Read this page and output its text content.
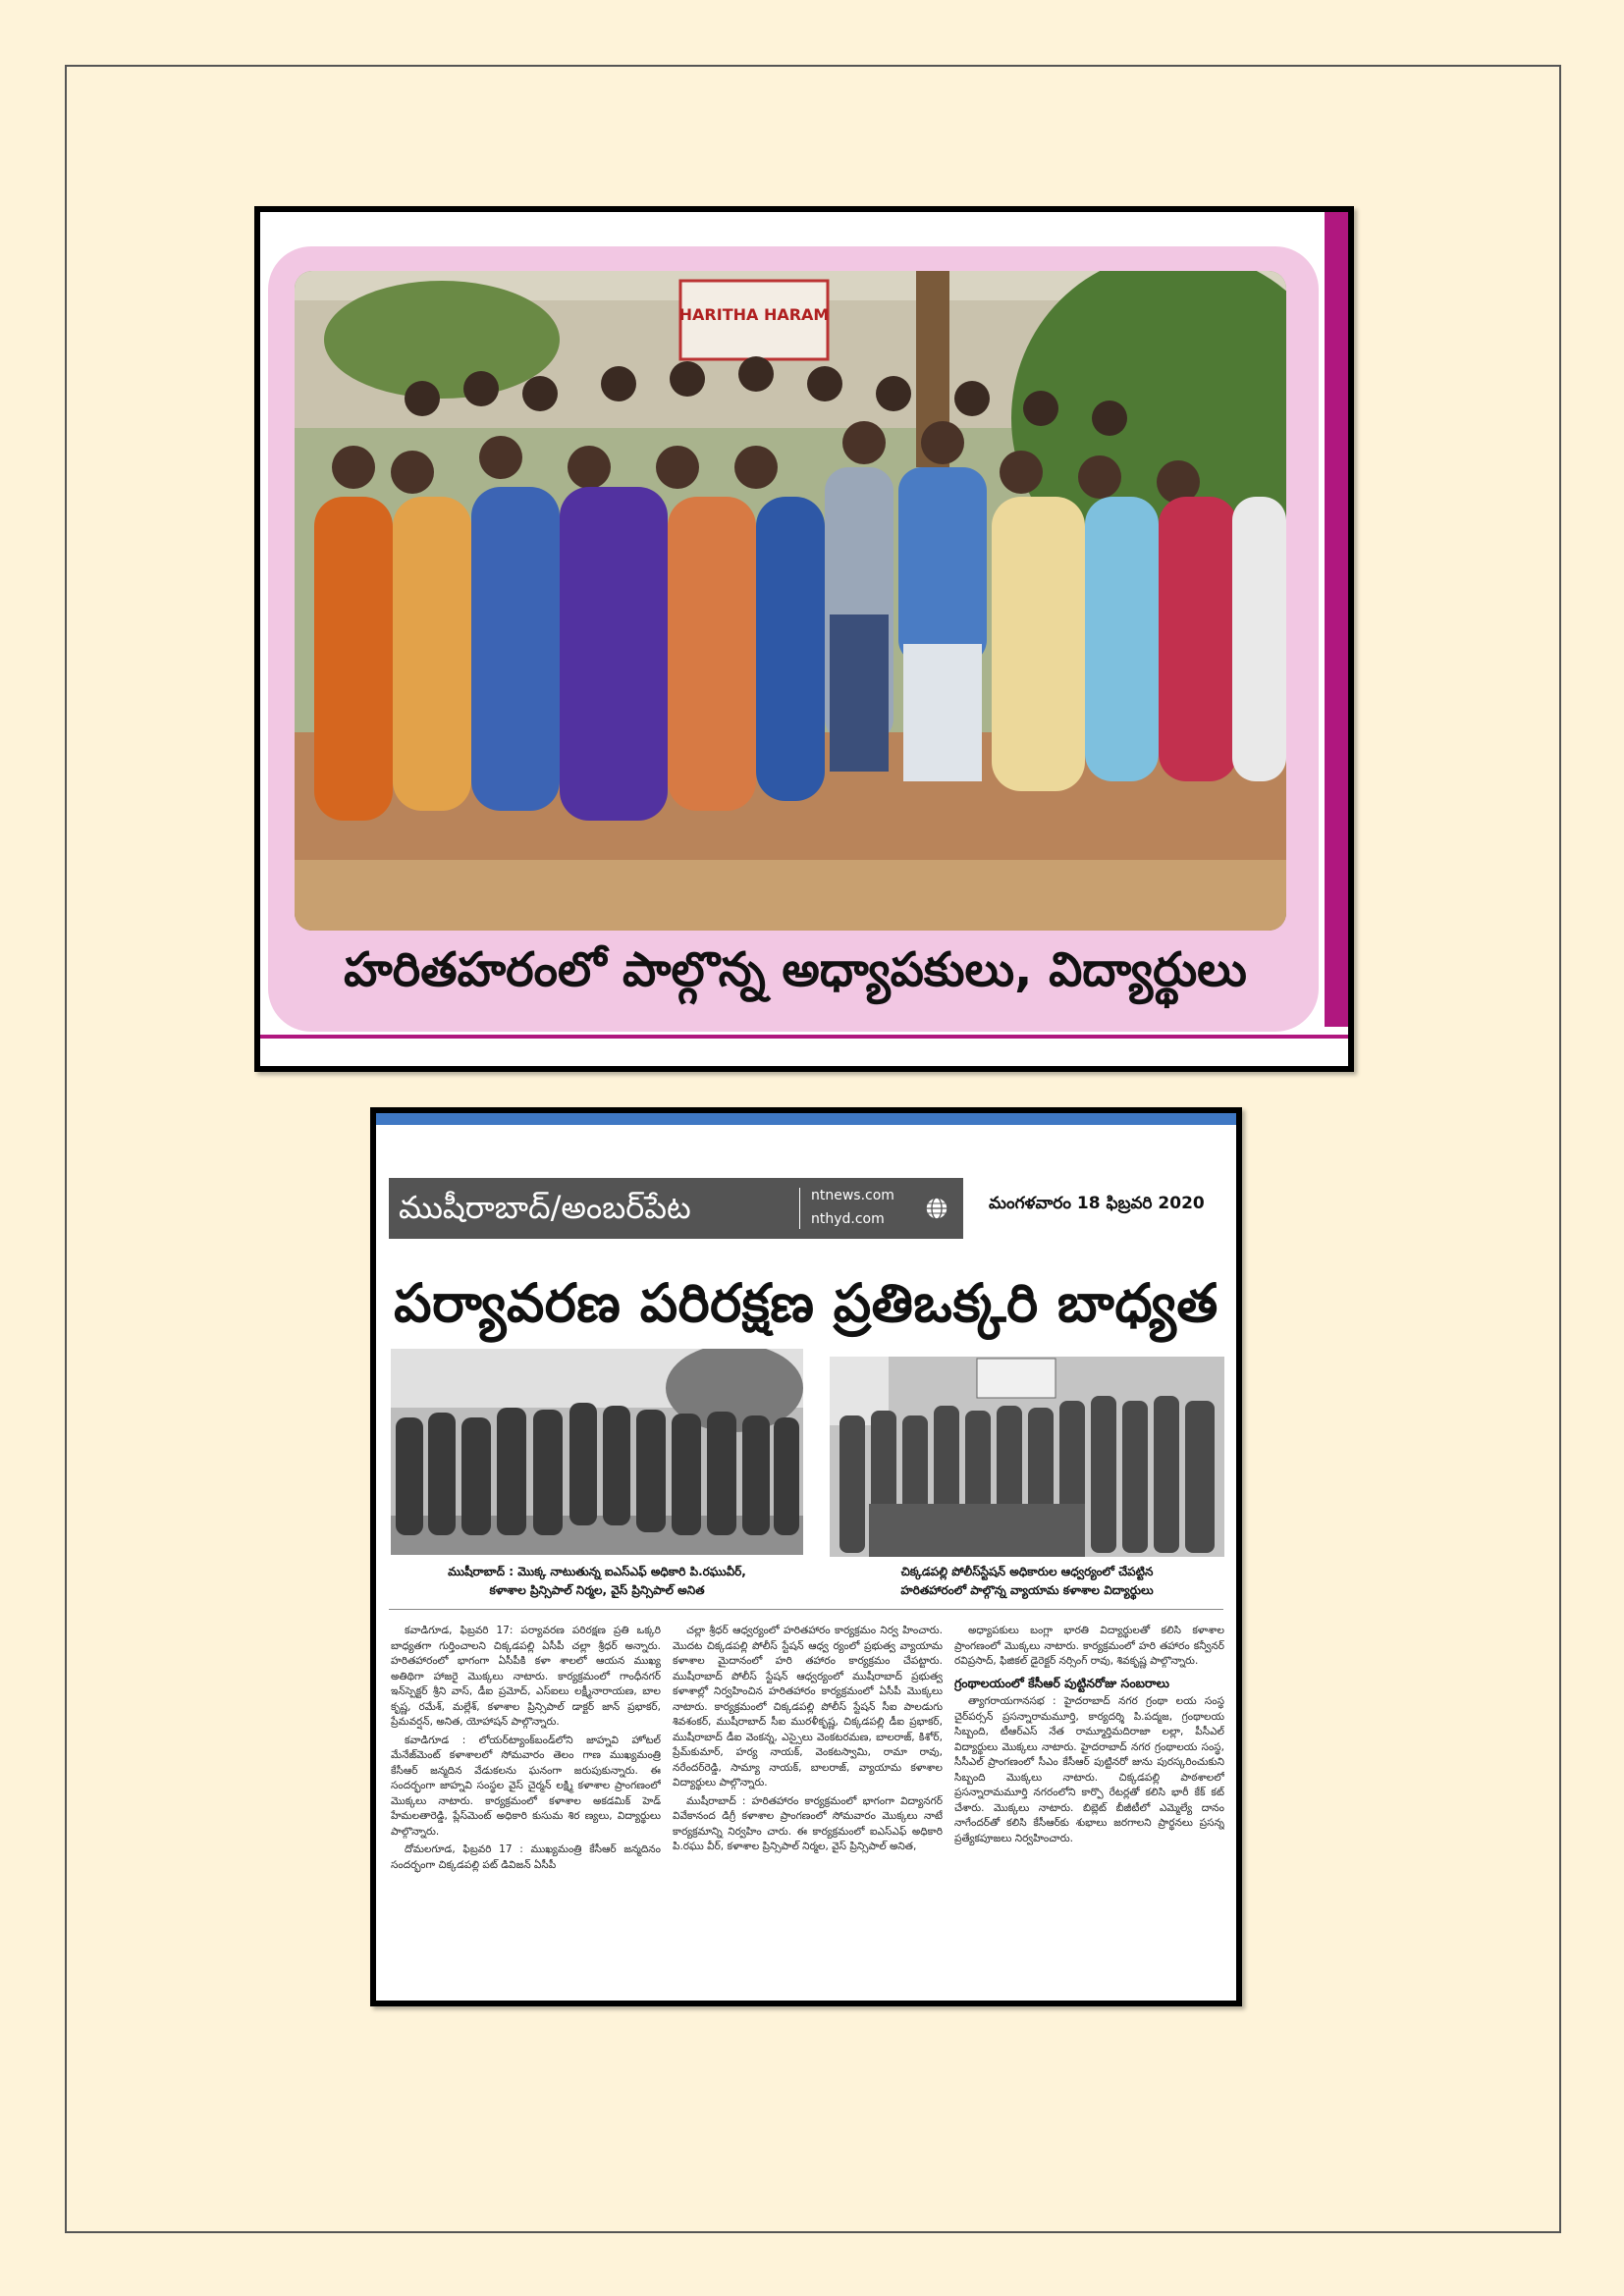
HARITHA HARAM
హరితహరంలో పాల్గొన్న అధ్యాపకులు, విద్యార్థులు
ముషీరాబాద్/అంబర్‌పేట	ntnews.com
nthyd.com
మంగళవారం 18 ఫిబ్రవరి 2020
పర్యావరణ పరిరక్షణ ప్రతిఒక్కరి బాధ్యత
ముషీరాబాద్ : మొక్క నాటుతున్న ఐఎస్ఎఫ్ అధికారి పి.రఘువీర్,
కళాశాల ప్రిన్సిపాల్ నిర్మల, వైస్ ప్రిన్సిపాల్ అనిత
చిక్కడపల్లి పోలీస్‌స్టేషన్ అధికారుల ఆధ్వర్యంలో చేపట్టిన
హరితహారంలో పాల్గొన్న వ్యాయామ కళాశాల విద్యార్థులు

కవాడిగూడ, ఫిబ్రవరి 17: పర్యావరణ పరిరక్షణ ప్రతి ఒక్కరి బాధ్యతగా గుర్తించాలని చిక్కడపల్లి ఏసీపీ చల్లా శ్రీధర్ అన్నారు. హరితహారంలో భాగంగా ఏసీపీకి కళా శాలలో ఆయన ముఖ్య అతిథిగా హాజరై మొక్కలు నాటారు. కార్యక్రమంలో గాంధీనగర్ ఇన్‌స్పెక్టర్ శ్రీని వాస్, డీఐ ప్రమోద్, ఎస్‌ఐలు లక్ష్మీనారాయణ, బాల కృష్ణ, రమేశ్, మల్లేశ్, కళాశాల ప్రిన్సిపాల్ డాక్టర్ జాన్ ప్రభాకర్, ప్రేమవర్షన్, అనిత, యోహాషన్ పాల్గొన్నారు.

కవాడిగూడ : లోయర్‌ట్యాంక్‌బండ్‌లోని జాహ్నవి హోటల్ మేనేజ్‌మెంట్ కళాశాలలో సోమవారం తెలం గాణ ముఖ్యమంత్రి కేసీఆర్ జన్మదిన వేడుకలను ఘనంగా జరుపుకున్నారు. ఈ సందర్భంగా జాహ్నవి సంస్థల వైస్ చైర్మన్ లక్ష్మి కళాశాల ప్రాంగణంలో మొక్కలు నాటారు. కార్యక్రమంలో కళాశాల అకడమిక్ హెడ్ హేమలతారెడ్డి, ప్లేస్‌మెంట్ అధికారి కుసుమ శిర ణ్యలు, విద్యార్థులు పాల్గొన్నారు.

దోమలగూడ, ఫిబ్రవరి 17 : ముఖ్యమంత్రి కేసీఆర్ జన్మదినం సందర్భంగా చిక్కడపల్లి పట్ డివిజన్ ఏసీపీ

చల్లా శ్రీధర్ ఆధ్వర్యంలో హరితహారం కార్యక్రమం నిర్వ హించారు. మొదట చిక్కడపల్లి పోలీస్ స్టేషన్ ఆధ్వ ర్యంలో ప్రభుత్వ వ్యాయామ కళాశాల మైదానంలో హరి తహారం కార్యక్రమం చేపట్టారు. ముషీరాబాద్ పోలీస్ స్టేషన్ ఆధ్వర్యంలో ముషీరాబాద్ ప్రభుత్వ కళాశాల్లో నిర్వహించిన హరితహారం కార్యక్రమంలో ఏసీపీ మొక్కలు నాటారు. కార్యక్రమంలో చిక్కడపల్లి పోలీస్ స్టేషన్ సీఐ పాలడుగు శివశంకర్, ముషీరాబాద్ సీఐ మురళీకృష్ణ, చిక్కడపల్లి డీఐ ప్రభాకర్, ముషీరాబాద్ డీఐ వెంకన్న, ఎస్సైలు వెంకటరమణ, బాలరాజ్, కిశోర్, ప్రేమ్‌కుమార్, హర్య నాయక్, వెంకటస్వామి, రామా రావు, నరేందర్‌రెడ్డి, సామ్యా నాయక్, బాలరాజ్, వ్యాయామ కళాశాల విద్యార్థులు పాల్గొన్నారు.

ముషీరాబాద్ : హరితహారం కార్యక్రమంలో భాగంగా విద్యానగర్ వివేకానంద డిగ్రీ కళాశాల ప్రాంగణంలో సోమవారం మొక్కలు నాటే కార్యక్రమాన్ని నిర్వహిం చారు. ఈ కార్యక్రమంలో ఐఎస్ఎఫ్ అధికారి పి.రఘు వీర్, కళాశాల ప్రిన్సిపాల్ నిర్మల, వైస్ ప్రిన్సిపాల్ అనిత,

అధ్యాపకులు బంగ్లా భారతి విద్యార్థులతో కలిసి కళాశాల ప్రాంగణంలో మొక్కలు నాటారు. కార్యక్రమంలో హరి తహారం కన్వీనర్ రవిప్రసాద్, ఫిజికల్ డైరెక్టర్ నర్సింగ్ రావు, శివకృష్ణ పాల్గొన్నారు.

గ్రంథాలయంలో కేసీఆర్ పుట్టినరోజు సంబరాలు

త్యాగరాయగానసభ : హైదరాబాద్ నగర గ్రంథా లయ సంస్థ చైర్‌పర్సన్ ప్రసన్నారామమూర్తి, కార్యదర్శి పి.పద్మజ, గ్రంథాలయ సిబ్బంది, టీఆర్ఎస్ నేత రామ్మూర్తిమదిరాజా లల్లా, పీసీఎల్ విద్యార్థులు మొక్కలు నాటారు. హైదరాబాద్ నగర గ్రంథాలయ సంస్థ, సీసీఎల్ ప్రాంగణంలో సీఎం కేసీఆర్ పుట్టినరో జును పురస్కరించుకుని సిబ్బంది మొక్కలు నాటారు. చిక్కడపల్లి పాఠశాలలో ప్రసన్నారామమూర్తి నగరంలోని కార్పొ రేటర్లతో కలిసి భారీ కేక్ కట్ చేశారు. మొక్కలు నాటారు. బిబ్లెట్ బీజీటీలో ఎమ్మెల్యే దానం నాగేందర్‌తో కలిసి కేసీఆర్‌కు శుభాలు జరగాలని ప్రార్థనలు ప్రసన్న ప్రత్యేకపూజలు నిర్వహించారు.
